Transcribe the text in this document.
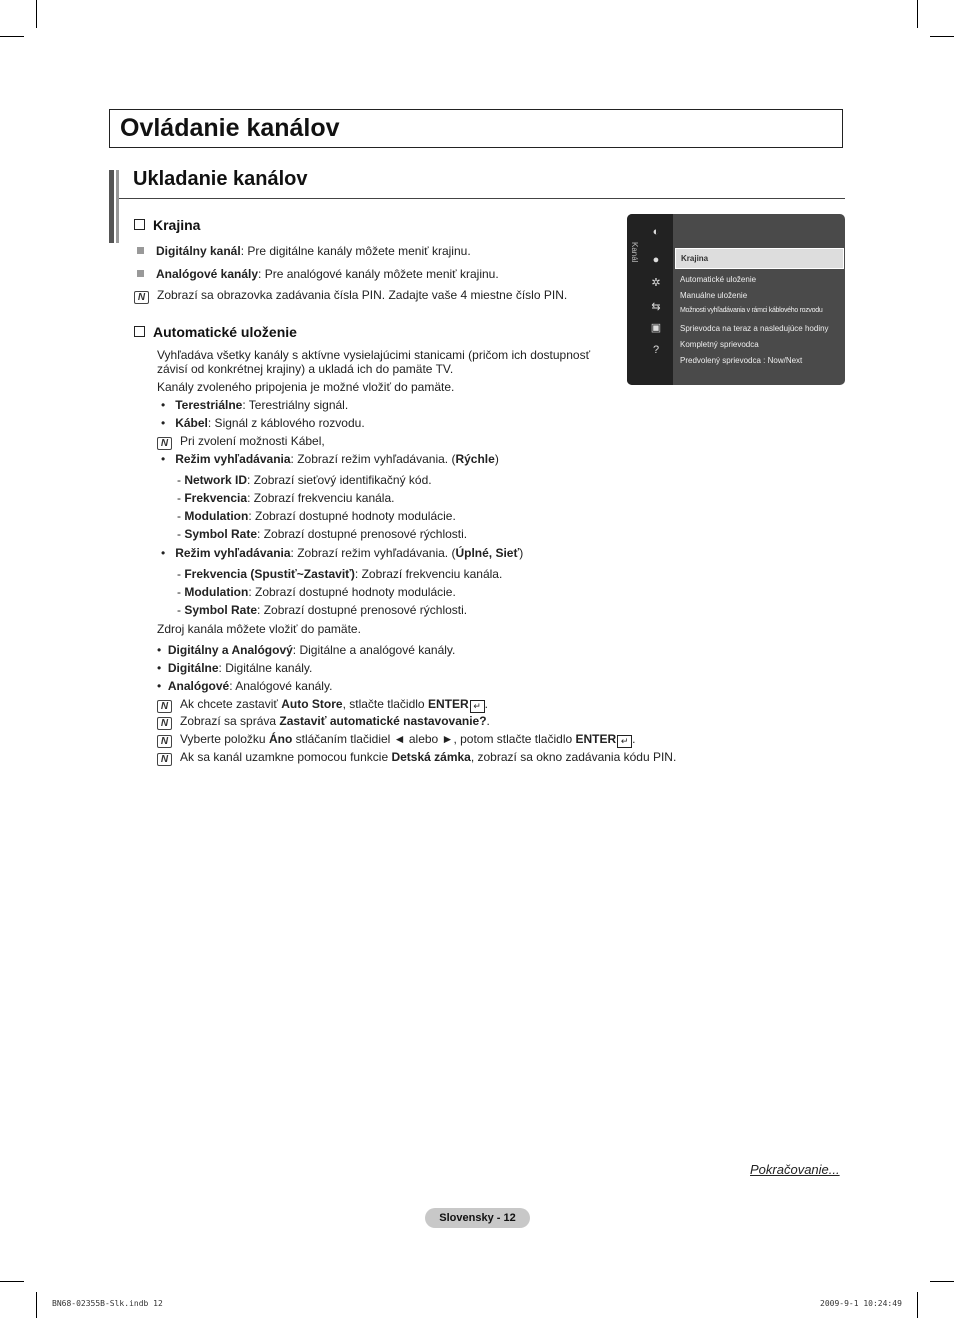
Ovládanie kanálov
Ukladanie kanálov
Krajina
Digitálny kanál: Pre digitálne kanály môžete meniť krajinu.
Analógové kanály: Pre analógové kanály môžete meniť krajinu.
N Zobrazí sa obrazovka zadávania čísla PIN. Zadajte vaše 4 miestne číslo PIN.
Automatické uloženie
Vyhľadáva všetky kanály s aktívne vysielajúcimi stanicami (pričom ich dostupnosť
závisí od konkrétnej krajiny) a ukladá ich do pamäte TV.
Kanály zvoleného pripojenia je možné vložiť do pamäte.
•   Terestriálne: Terestriálny signál.
•   Kábel: Signál z káblového rozvodu.
N Pri zvolení možnosti Kábel,
•   Režim vyhľadávania: Zobrazí režim vyhľadávania. (Rýchle)
- Network ID: Zobrazí sieťový identifikačný kód.
- Frekvencia: Zobrazí frekvenciu kanála.
- Modulation: Zobrazí dostupné hodnoty modulácie.
- Symbol Rate: Zobrazí dostupné prenosové rýchlosti.
•   Režim vyhľadávania: Zobrazí režim vyhľadávania. (Úplné, Sieť)
- Frekvencia (Spustiť~Zastaviť): Zobrazí frekvenciu kanála.
- Modulation: Zobrazí dostupné hodnoty modulácie.
- Symbol Rate: Zobrazí dostupné prenosové rýchlosti.
Zdroj kanála môžete vložiť do pamäte.
•  Digitálny a Analógový: Digitálne a analógové kanály.
•  Digitálne: Digitálne kanály.
•  Analógové: Analógové kanály.
N Ak chcete zastaviť Auto Store, stlačte tlačidlo ENTER ↵ .
N Zobrazí sa správa Zastaviť automatické nastavovanie?.
N Vyberte položku Áno stláčaním tlačidiel ◄ alebo ►, potom stlačte tlačidlo ENTER ↵ .
N Ak sa kanál uzamkne pomocou funkcie Detská zámka, zobrazí sa okno zadávania kódu PIN.
Kanál
◐
●
✲
⇆
▣
?
Krajina
Automatické uloženie
Manuálne uloženie
Možnosti vyhľadávania v rámci káblového rozvodu
Sprievodca na teraz a nasledujúce hodiny
Kompletný sprievodca
Predvolený sprievodca : Now/Next
Pokračovanie...
Slovensky - 12
BN68-02355B-Slk.indb 12	2009-9-1 10:24:49
